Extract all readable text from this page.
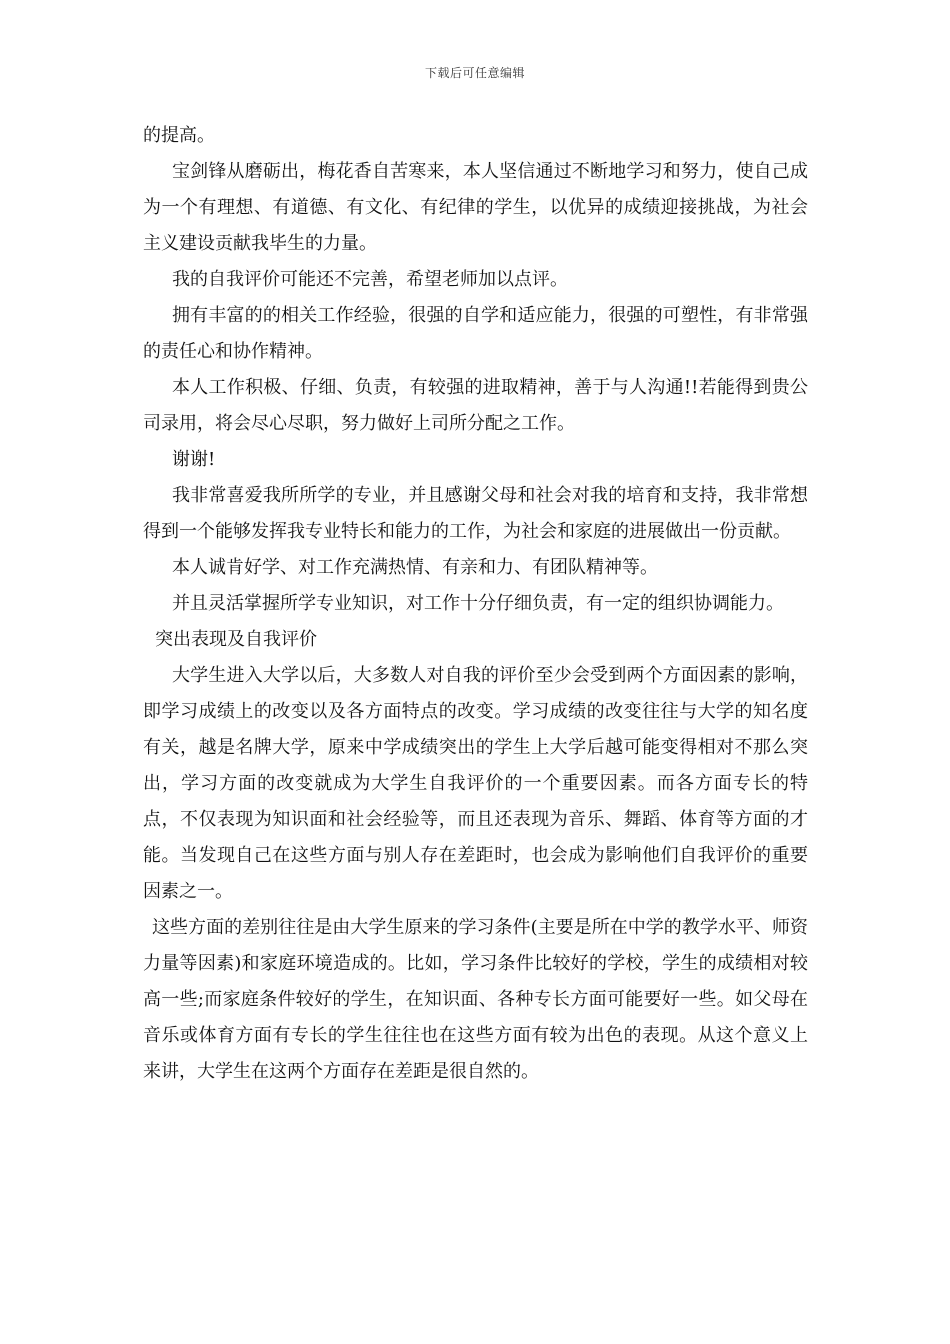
下载后可任意编辑

的提高。

宝剑锋从磨砺出，梅花香自苦寒来，本人坚信通过不断地学习和努力，使自己成为一个有理想、有道德、有文化、有纪律的学生，以优异的成绩迎接挑战，为社会主义建设贡献我毕生的力量。

我的自我评价可能还不完善，希望老师加以点评。

拥有丰富的的相关工作经验，很强的自学和适应能力，很强的可塑性，有非常强的责任心和协作精神。

本人工作积极、仔细、负责，有较强的进取精神，善于与人沟通!!若能得到贵公司录用，将会尽心尽职，努力做好上司所分配之工作。

谢谢!

我非常喜爱我所所学的专业，并且感谢父母和社会对我的培育和支持，我非常想得到一个能够发挥我专业特长和能力的工作，为社会和家庭的进展做出一份贡献。

本人诚肯好学、对工作充满热情、有亲和力、有团队精神等。

并且灵活掌握所学专业知识，对工作十分仔细负责，有一定的组织协调能力。

突出表现及自我评价

大学生进入大学以后，大多数人对自我的评价至少会受到两个方面因素的影响，即学习成绩上的改变以及各方面特点的改变。学习成绩的改变往往与大学的知名度有关，越是名牌大学，原来中学成绩突出的学生上大学后越可能变得相对不那么突出，学习方面的改变就成为大学生自我评价的一个重要因素。而各方面专长的特点，不仅表现为知识面和社会经验等，而且还表现为音乐、舞蹈、体育等方面的才能。当发现自己在这些方面与别人存在差距时，也会成为影响他们自我评价的重要因素之一。

这些方面的差别往往是由大学生原来的学习条件(主要是所在中学的教学水平、师资力量等因素)和家庭环境造成的。比如，学习条件比较好的学校，学生的成绩相对较高一些;而家庭条件较好的学生，在知识面、各种专长方面可能要好一些。如父母在音乐或体育方面有专长的学生往往也在这些方面有较为出色的表现。从这个意义上来讲，大学生在这两个方面存在差距是很自然的。
